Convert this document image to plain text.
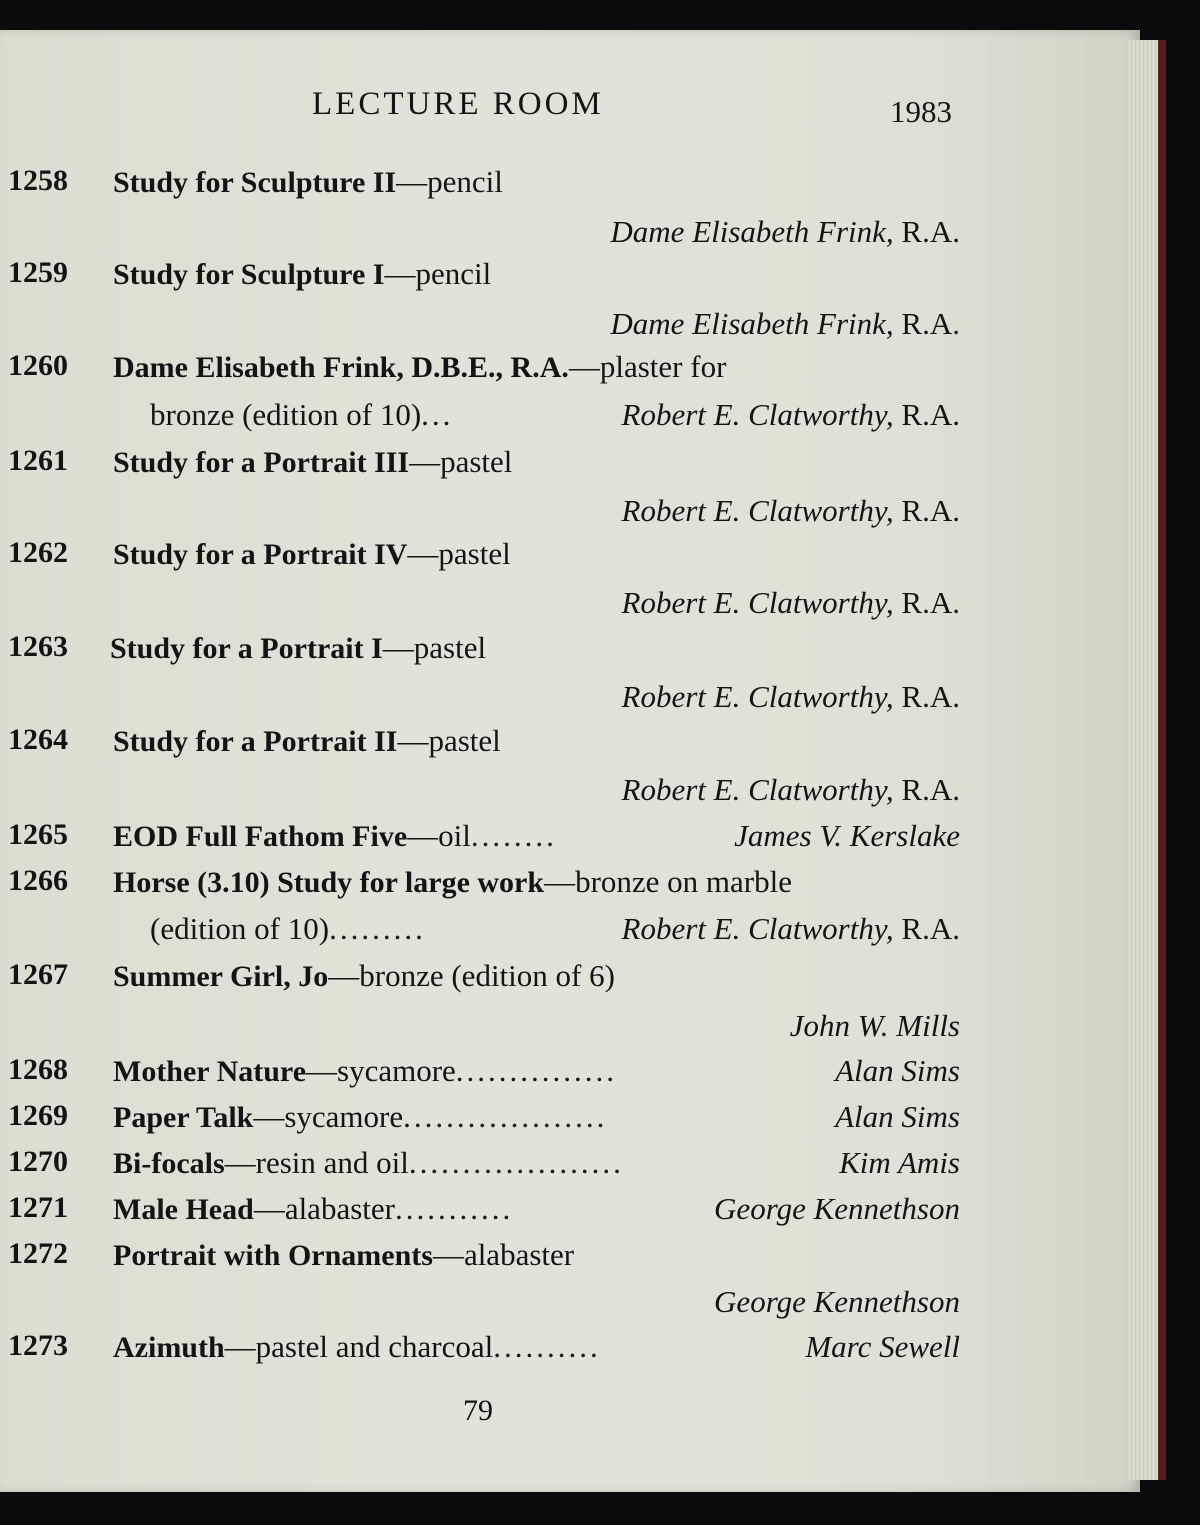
LECTURE ROOM	1983
1258 Study for Sculpture II—pencil
Dame Elisabeth Frink, R.A.
1259 Study for Sculpture I—pencil
Dame Elisabeth Frink, R.A.
1260 Dame Elisabeth Frink, D.B.E., R.A.—plaster for
bronze (edition of 10)...	Robert E. Clatworthy, R.A.
1261 Study for a Portrait III—pastel
Robert E. Clatworthy, R.A.
1262 Study for a Portrait IV—pastel
Robert E. Clatworthy, R.A.
1263 Study for a Portrait I—pastel
Robert E. Clatworthy, R.A.
1264 Study for a Portrait II—pastel
Robert E. Clatworthy, R.A.
1265 EOD Full Fathom Five—oil........	James V. Kerslake
1266 Horse (3.10) Study for large work—bronze on marble
(edition of 10).........	Robert E. Clatworthy, R.A.
1267 Summer Girl, Jo—bronze (edition of 6)
John W. Mills
1268 Mother Nature—sycamore...............	Alan Sims
1269 Paper Talk—sycamore...................	Alan Sims
1270 Bi-focals—resin and oil....................	Kim Amis
1271 Male Head—alabaster...........	George Kennethson
1272 Portrait with Ornaments—alabaster
George Kennethson
1273 Azimuth—pastel and charcoal..........	Marc Sewell
79
